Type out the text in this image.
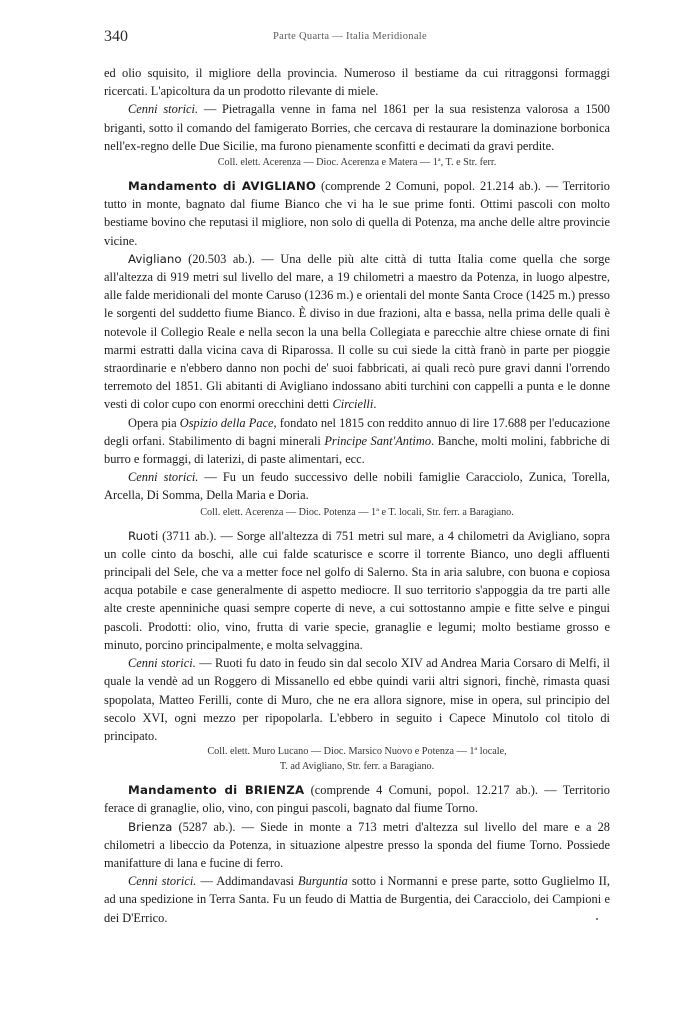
340	Parte Quarta — Italia Meridionale

ed olio squisito, il migliore della provincia. Numeroso il bestiame da cui ritraggonsi formaggi ricercati. L'apicoltura da un prodotto rilevante di miele.

Cenni storici. — Pietragalla venne in fama nel 1861 per la sua resistenza valorosa a 1500 briganti, sotto il comando del famigerato Borries, che cercava di restaurare la dominazione borbonica nell'ex-regno delle Due Sicilie, ma furono pienamente sconfitti e decimati da gravi perdite.

Coll. elett. Acerenza — Dioc. Acerenza e Matera — 1ª, T. e Str. ferr.

Mandamento di AVIGLIANO (comprende 2 Comuni, popol. 21.214 ab.). — Territorio tutto in monte, bagnato dal fiume Bianco che vi ha le sue prime fonti. Ottimi pascoli con molto bestiame bovino che reputasi il migliore, non solo di quella di Potenza, ma anche delle altre provincie vicine.

Avigliano (20.503 ab.). — Una delle più alte città di tutta Italia come quella che sorge all'altezza di 919 metri sul livello del mare, a 19 chilometri a maestro da Potenza, in luogo alpestre, alle falde meridionali del monte Caruso (1236 m.) e orientali del monte Santa Croce (1425 m.) presso le sorgenti del suddetto fiume Bianco. È diviso in due frazioni, alta e bassa, nella prima delle quali è notevole il Collegio Reale e nella secon la una bella Collegiata e parecchie altre chiese ornate di fini marmi estratti dalla vicina cava di Riparossa. Il colle su cui siede la città franò in parte per pioggie straordinarie e n'ebbero danno non pochi de' suoi fabbricati, ai quali recò pure gravi danni l'orrendo terremoto del 1851. Gli abitanti di Avigliano indossano abiti turchini con cappelli a punta e le donne vesti di color cupo con enormi orecchini detti Circielli.

Opera pia Ospizio della Pace, fondato nel 1815 con reddito annuo di lire 17.688 per l'educazione degli orfani. Stabilimento di bagni minerali Principe Sant'Antimo. Banche, molti molini, fabbriche di burro e formaggi, di laterizi, di paste alimentari, ecc.

Cenni storici. — Fu un feudo successivo delle nobili famiglie Caracciolo, Zunica, Torella, Arcella, Di Somma, Della Maria e Doria.

Coll. elett. Acerenza — Dioc. Potenza — 1ª e T. locali, Str. ferr. a Baragiano.

Ruoti (3711 ab.). — Sorge all'altezza di 751 metri sul mare, a 4 chilometri da Avigliano, sopra un colle cinto da boschi, alle cui falde scaturisce e scorre il torrente Bianco, uno degli affluenti principali del Sele, che va a metter foce nel golfo di Salerno. Sta in aria salubre, con buona e copiosa acqua potabile e case generalmente di aspetto mediocre. Il suo territorio s'appoggia da tre parti alle alte creste apenniniche quasi sempre coperte di neve, a cui sottostanno ampie e fitte selve e pingui pascoli. Prodotti: olio, vino, frutta di varie specie, granaglie e legumi; molto bestiame grosso e minuto, porcino principalmente, e molta selvaggina.

Cenni storici. — Ruoti fu dato in feudo sin dal secolo XIV ad Andrea Maria Corsaro di Melfi, il quale la vendè ad un Roggero di Missanello ed ebbe quindi varii altri signori, finchè, rimasta quasi spopolata, Matteo Ferilli, conte di Muro, che ne era allora signore, mise in opera, sul principio del secolo XVI, ogni mezzo per ripopolarla. L'ebbero in seguito i Capece Minutolo col titolo di principato.

Coll. elett. Muro Lucano — Dioc. Marsico Nuovo e Potenza — 1ª locale,
T. ad Avigliano, Str. ferr. a Baragiano.

Mandamento di BRIENZA (comprende 4 Comuni, popol. 12.217 ab.). — Territorio ferace di granaglie, olio, vino, con pingui pascoli, bagnato dal fiume Torno.

Brienza (5287 ab.). — Siede in monte a 713 metri d'altezza sul livello del mare e a 28 chilometri a libeccio da Potenza, in situazione alpestre presso la sponda del fiume Torno. Possiede manifatture di lana e fucine di ferro.

Cenni storici. — Addimandavasi Burguntia sotto i Normanni e prese parte, sotto Guglielmo II, ad una spedizione in Terra Santa. Fu un feudo di Mattia de Burgentia, dei Caracciolo, dei Campioni e dei D'Errico.
